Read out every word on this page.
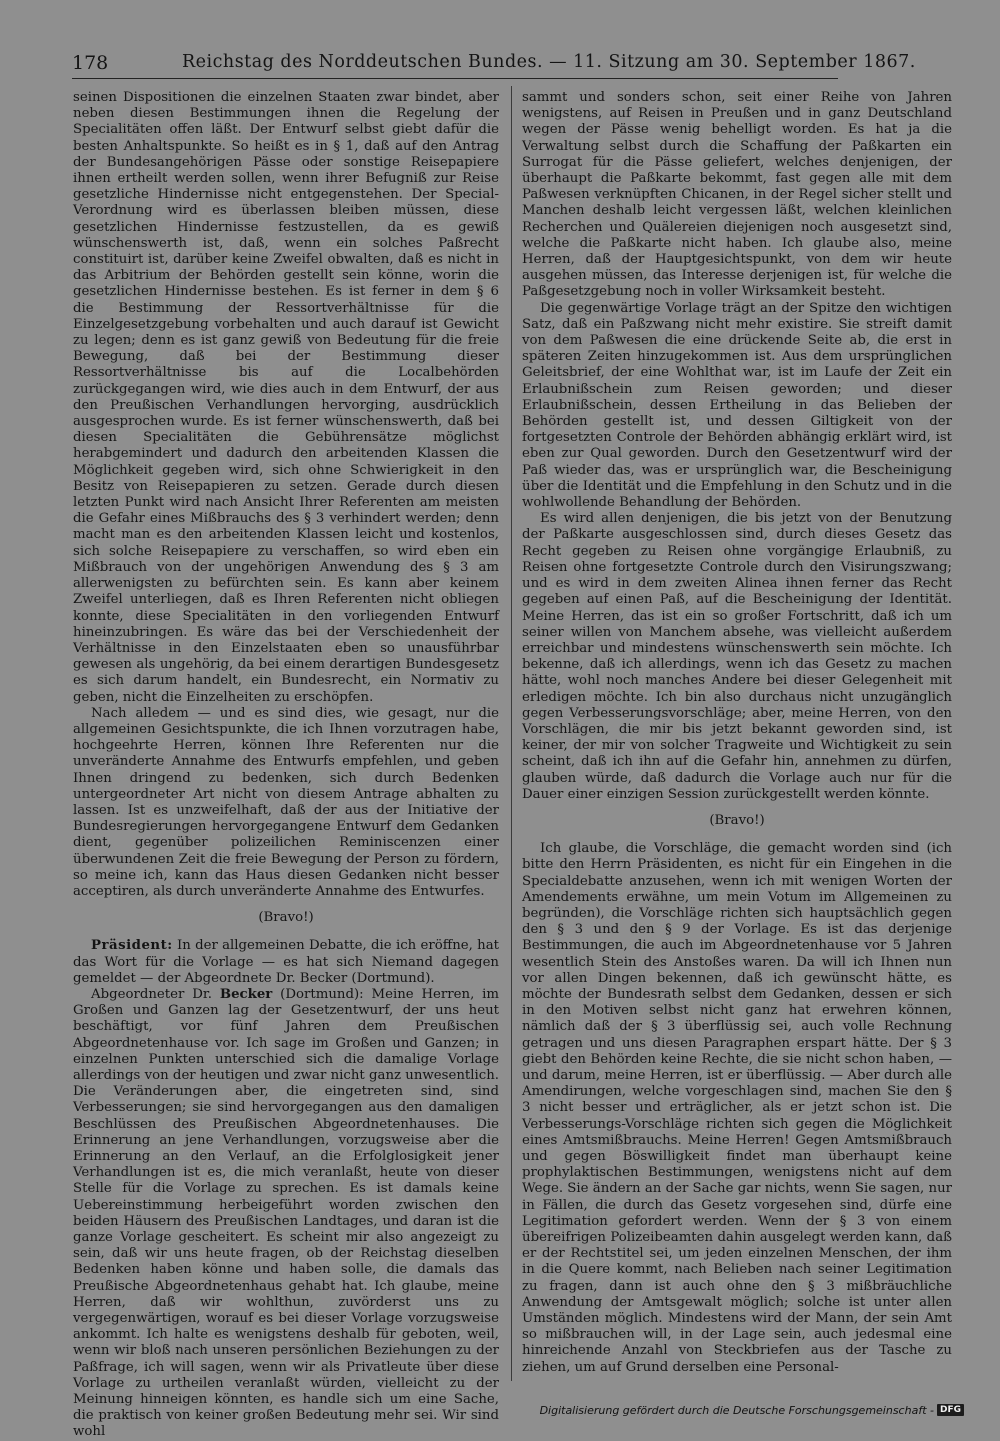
178	Reichstag des Norddeutschen Bundes. — 11. Sitzung am 30. September 1867.

seinen Dispositionen die einzelnen Staaten zwar bindet, aber neben diesen Bestimmungen ihnen die Regelung der Specialitäten offen läßt. Der Entwurf selbst giebt dafür die besten Anhaltspunkte. So heißt es in § 1, daß auf den Antrag der Bundesangehörigen Pässe oder sonstige Reisepapiere ihnen ertheilt werden sollen, wenn ihrer Befugniß zur Reise gesetzliche Hindernisse nicht entgegenstehen. Der Special-Verordnung wird es überlassen bleiben müssen, diese gesetzlichen Hindernisse festzustellen, da es gewiß wünschenswerth ist, daß, wenn ein solches Paßrecht constituirt ist, darüber keine Zweifel obwalten, daß es nicht in das Arbitrium der Behörden gestellt sein könne, worin die gesetzlichen Hindernisse bestehen. Es ist ferner in dem § 6 die Bestimmung der Ressortverhältnisse für die Einzelgesetzgebung vorbehalten und auch darauf ist Gewicht zu legen; denn es ist ganz gewiß von Bedeutung für die freie Bewegung, daß bei der Bestimmung dieser Ressortverhältnisse bis auf die Localbehörden zurückgegangen wird, wie dies auch in dem Entwurf, der aus den Preußischen Verhandlungen hervorging, ausdrücklich ausgesprochen wurde. Es ist ferner wünschenswerth, daß bei diesen Specialitäten die Gebührensätze möglichst herabgemindert und dadurch den arbeitenden Klassen die Möglichkeit gegeben wird, sich ohne Schwierigkeit in den Besitz von Reisepapieren zu setzen. Gerade durch diesen letzten Punkt wird nach Ansicht Ihrer Referenten am meisten die Gefahr eines Mißbrauchs des § 3 verhindert werden; denn macht man es den arbeitenden Klassen leicht und kostenlos, sich solche Reisepapiere zu verschaffen, so wird eben ein Mißbrauch von der ungehörigen Anwendung des § 3 am allerwenigsten zu befürchten sein. Es kann aber keinem Zweifel unterliegen, daß es Ihren Referenten nicht obliegen konnte, diese Specialitäten in den vorliegenden Entwurf hineinzubringen. Es wäre das bei der Verschiedenheit der Verhältnisse in den Einzelstaaten eben so unausführbar gewesen als ungehörig, da bei einem derartigen Bundesgesetz es sich darum handelt, ein Bundesrecht, ein Normativ zu geben, nicht die Einzelheiten zu erschöpfen.

Nach alledem — und es sind dies, wie gesagt, nur die allgemeinen Gesichtspunkte, die ich Ihnen vorzutragen habe, hochgeehrte Herren, können Ihre Referenten nur die unveränderte Annahme des Entwurfs empfehlen, und geben Ihnen dringend zu bedenken, sich durch Bedenken untergeordneter Art nicht von diesem Antrage abhalten zu lassen. Ist es unzweifelhaft, daß der aus der Initiative der Bundesregierungen hervorgegangene Entwurf dem Gedanken dient, gegenüber polizeilichen Reminiscenzen einer überwundenen Zeit die freie Bewegung der Person zu fördern, so meine ich, kann das Haus diesen Gedanken nicht besser acceptiren, als durch unveränderte Annahme des Entwurfes.

(Bravo!)

Präsident: In der allgemeinen Debatte, die ich eröffne, hat das Wort für die Vorlage — es hat sich Niemand dagegen gemeldet — der Abgeordnete Dr. Becker (Dortmund).

Abgeordneter Dr. Becker (Dortmund): Meine Herren, im Großen und Ganzen lag der Gesetzentwurf, der uns heut beschäftigt, vor fünf Jahren dem Preußischen Abgeordnetenhause vor. Ich sage im Großen und Ganzen; in einzelnen Punkten unterschied sich die damalige Vorlage allerdings von der heutigen und zwar nicht ganz unwesentlich. Die Veränderungen aber, die eingetreten sind, sind Verbesserungen; sie sind hervorgegangen aus den damaligen Beschlüssen des Preußischen Abgeordnetenhauses. Die Erinnerung an jene Verhandlungen, vorzugsweise aber die Erinnerung an den Verlauf, an die Erfolglosigkeit jener Verhandlungen ist es, die mich veranlaßt, heute von dieser Stelle für die Vorlage zu sprechen. Es ist damals keine Uebereinstimmung herbeigeführt worden zwischen den beiden Häusern des Preußischen Landtages, und daran ist die ganze Vorlage gescheitert. Es scheint mir also angezeigt zu sein, daß wir uns heute fragen, ob der Reichstag dieselben Bedenken haben könne und haben solle, die damals das Preußische Abgeordnetenhaus gehabt hat. Ich glaube, meine Herren, daß wir wohlthun, zuvörderst uns zu vergegenwärtigen, worauf es bei dieser Vorlage vorzugsweise ankommt. Ich halte es wenigstens deshalb für geboten, weil, wenn wir bloß nach unseren persönlichen Beziehungen zu der Paßfrage, ich will sagen, wenn wir als Privatleute über diese Vorlage zu urtheilen veranlaßt würden, vielleicht zu der Meinung hinneigen könnten, es handle sich um eine Sache, die praktisch von keiner großen Bedeutung mehr sei. Wir sind wohl

sammt und sonders schon, seit einer Reihe von Jahren wenigstens, auf Reisen in Preußen und in ganz Deutschland wegen der Pässe wenig behelligt worden. Es hat ja die Verwaltung selbst durch die Schaffung der Paßkarten ein Surrogat für die Pässe geliefert, welches denjenigen, der überhaupt die Paßkarte bekommt, fast gegen alle mit dem Paßwesen verknüpften Chicanen, in der Regel sicher stellt und Manchen deshalb leicht vergessen läßt, welchen kleinlichen Recherchen und Quälereien diejenigen noch ausgesetzt sind, welche die Paßkarte nicht haben. Ich glaube also, meine Herren, daß der Hauptgesichtspunkt, von dem wir heute ausgehen müssen, das Interesse derjenigen ist, für welche die Paßgesetzgebung noch in voller Wirksamkeit besteht.

Die gegenwärtige Vorlage trägt an der Spitze den wichtigen Satz, daß ein Paßzwang nicht mehr existire. Sie streift damit von dem Paßwesen die eine drückende Seite ab, die erst in späteren Zeiten hinzugekommen ist. Aus dem ursprünglichen Geleitsbrief, der eine Wohlthat war, ist im Laufe der Zeit ein Erlaubnißschein zum Reisen geworden; und dieser Erlaubnißschein, dessen Ertheilung in das Belieben der Behörden gestellt ist, und dessen Giltigkeit von der fortgesetzten Controle der Behörden abhängig erklärt wird, ist eben zur Qual geworden. Durch den Gesetzentwurf wird der Paß wieder das, was er ursprünglich war, die Bescheinigung über die Identität und die Empfehlung in den Schutz und in die wohlwollende Behandlung der Behörden.

Es wird allen denjenigen, die bis jetzt von der Benutzung der Paßkarte ausgeschlossen sind, durch dieses Gesetz das Recht gegeben zu Reisen ohne vorgängige Erlaubniß, zu Reisen ohne fortgesetzte Controle durch den Visirungszwang; und es wird in dem zweiten Alinea ihnen ferner das Recht gegeben auf einen Paß, auf die Bescheinigung der Identität. Meine Herren, das ist ein so großer Fortschritt, daß ich um seiner willen von Manchem absehe, was vielleicht außerdem erreichbar und mindestens wünschenswerth sein möchte. Ich bekenne, daß ich allerdings, wenn ich das Gesetz zu machen hätte, wohl noch manches Andere bei dieser Gelegenheit mit erledigen möchte. Ich bin also durchaus nicht unzugänglich gegen Verbesserungsvorschläge; aber, meine Herren, von den Vorschlägen, die mir bis jetzt bekannt geworden sind, ist keiner, der mir von solcher Tragweite und Wichtigkeit zu sein scheint, daß ich ihn auf die Gefahr hin, annehmen zu dürfen, glauben würde, daß dadurch die Vorlage auch nur für die Dauer einer einzigen Session zurückgestellt werden könnte.

(Bravo!)

Ich glaube, die Vorschläge, die gemacht worden sind (ich bitte den Herrn Präsidenten, es nicht für ein Eingehen in die Specialdebatte anzusehen, wenn ich mit wenigen Worten der Amendements erwähne, um mein Votum im Allgemeinen zu begründen), die Vorschläge richten sich hauptsächlich gegen den § 3 und den § 9 der Vorlage. Es ist das derjenige Bestimmungen, die auch im Abgeordnetenhause vor 5 Jahren wesentlich Stein des Anstoßes waren. Da will ich Ihnen nun vor allen Dingen bekennen, daß ich gewünscht hätte, es möchte der Bundesrath selbst dem Gedanken, dessen er sich in den Motiven selbst nicht ganz hat erwehren können, nämlich daß der § 3 überflüssig sei, auch volle Rechnung getragen und uns diesen Paragraphen erspart hätte. Der § 3 giebt den Behörden keine Rechte, die sie nicht schon haben, — und darum, meine Herren, ist er überflüssig. — Aber durch alle Amendirungen, welche vorgeschlagen sind, machen Sie den § 3 nicht besser und erträglicher, als er jetzt schon ist. Die Verbesserungs-Vorschläge richten sich gegen die Möglichkeit eines Amtsmißbrauchs. Meine Herren! Gegen Amtsmißbrauch und gegen Böswilligkeit findet man überhaupt keine prophylaktischen Bestimmungen, wenigstens nicht auf dem Wege. Sie ändern an der Sache gar nichts, wenn Sie sagen, nur in Fällen, die durch das Gesetz vorgesehen sind, dürfe eine Legitimation gefordert werden. Wenn der § 3 von einem übereifrigen Polizeibeamten dahin ausgelegt werden kann, daß er der Rechtstitel sei, um jeden einzelnen Menschen, der ihm in die Quere kommt, nach Belieben nach seiner Legitimation zu fragen, dann ist auch ohne den § 3 mißbräuchliche Anwendung der Amtsgewalt möglich; solche ist unter allen Umständen möglich. Mindestens wird der Mann, der sein Amt so mißbrauchen will, in der Lage sein, auch jedesmal eine hinreichende Anzahl von Steckbriefen aus der Tasche zu ziehen, um auf Grund derselben eine Personal-

Digitalisierung gefördert durch die Deutsche Forschungsgemeinschaft - DFG
